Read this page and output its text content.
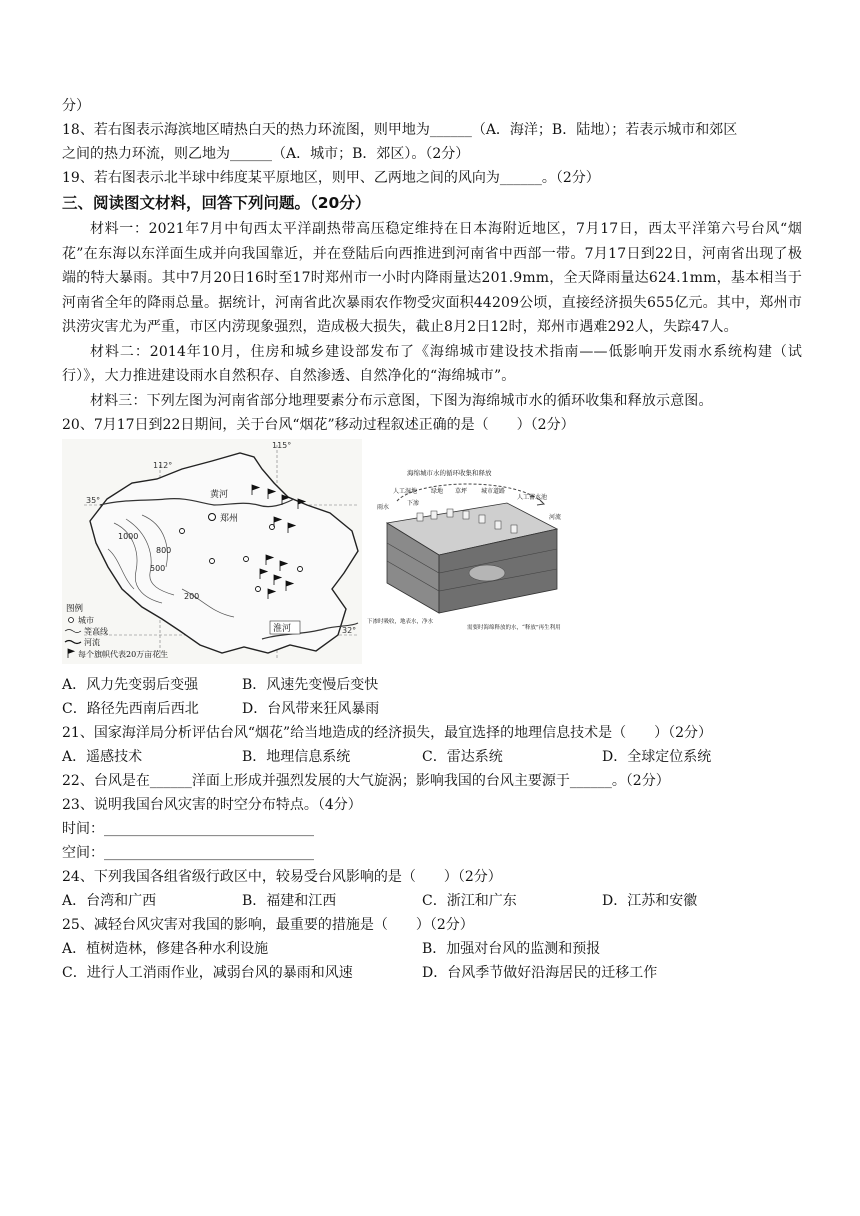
分）
18、若右图表示海滨地区晴热白天的热力环流图，则甲地为______（A．海洋；B．陆地）；若表示城市和郊区
之间的热力环流，则乙地为______（A．城市；B．郊区）。（2分）
19、若右图表示北半球中纬度某平原地区，则甲、乙两地之间的风向为______。（2分）
三、阅读图文材料，回答下列问题。（20分）
材料一：2021年7月中旬西太平洋副热带高压稳定维持在日本海附近地区，7月17日，西太平洋第六号台风“烟花”在东海以东洋面生成并向我国靠近，并在登陆后向西推进到河南省中西部一带。7月17日到22日，河南省出现了极端的特大暴雨。其中7月20日16时至17时郑州市一小时内降雨量达201.9mm，全天降雨量达624.1mm，基本相当于河南省全年的降雨总量。据统计，河南省此次暴雨农作物受灾面积44209公顷，直接经济损失655亿元。其中，郑州市洪涝灾害尤为严重，市区内涝现象强烈，造成极大损失，截止8月2日12时，郑州市遇难292人，失踪47人。
材料二：2014年10月，住房和城乡建设部发布了《海绵城市建设技术指南——低影响开发雨水系统构建（试行）》，大力推进建设雨水自然积存、自然渗透、自然净化的“海绵城市”。
材料三：下列左图为河南省部分地理要素分布示意图，下图为海绵城市水的循环收集和释放示意图。
20、7月17日到22日期间，关于台风“烟花”移动过程叙述正确的是（　　）（2分）
115°
112°
35°
32°
500
800
200
1000
黄河
淮河
郑州
图例
城市
等高线
河流
每个旗帜代表20万亩花生
海绵城市水的循环收集和释放
人工湿地 绿地 草坪 城市道路
人工蓄水池
雨水
河流
下渗
下渗时吸收，地表水，净水
需要时海绵释放的水，“释放”再生利用
A．风力先变弱后变强	B．风速先变慢后变快
C．路径先西南后西北	D．台风带来狂风暴雨
21、国家海洋局分析评估台风“烟花”给当地造成的经济损失，最宜选择的地理信息技术是（　　）（2分）
A．遥感技术	B．地理信息系统	C．雷达系统	D．全球定位系统
22、台风是在______洋面上形成并强烈发展的大气旋涡；影响我国的台风主要源于______。（2分）
23、说明我国台风灾害的时空分布特点。（4分）
时间：______________________________
空间：______________________________
24、下列我国各组省级行政区中，较易受台风影响的是（　　）（2分）
A．台湾和广西	B．福建和江西	C．浙江和广东	D．江苏和安徽
25、减轻台风灾害对我国的影响，最重要的措施是（　　）（2分）
A．植树造林，修建各种水利设施	B．加强对台风的监测和预报
C．进行人工消雨作业，减弱台风的暴雨和风速	D．台风季节做好沿海居民的迁移工作
